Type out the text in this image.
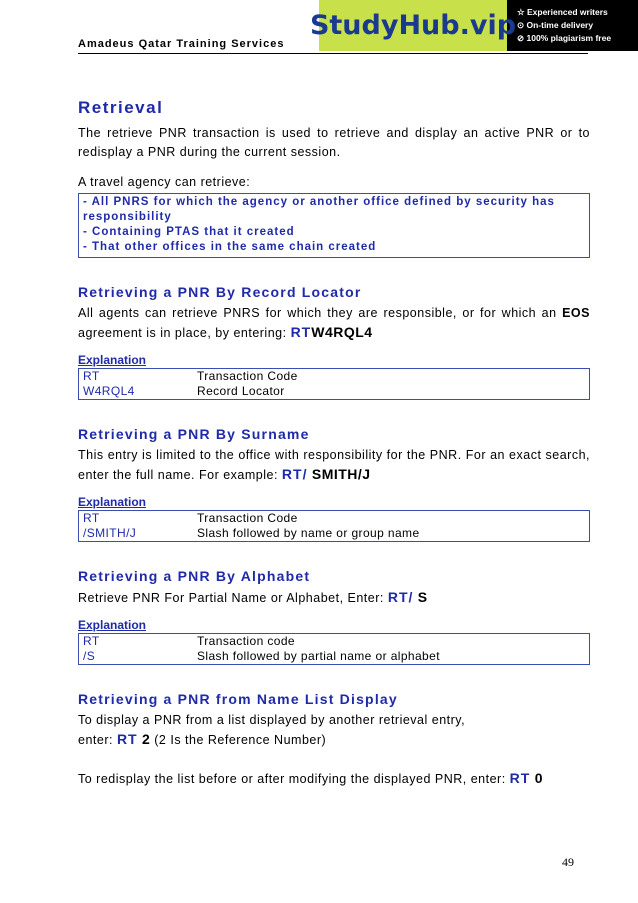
Amadeus Qatar Training Services
StudyHub.vip ☆ Experienced writers
⊙ On-time delivery
⊘ 100% plagiarism free
Retrieval

The retrieve PNR transaction is used to retrieve and display an active PNR or to redisplay a PNR during the current session.

A travel agency can retrieve:

- All PNRS for which the agency or another office defined by security has responsibility
- Containing PTAS that it created
- That other offices in the same chain created
Retrieving a PNR By Record Locator

All agents can retrieve PNRS for which they are responsible, or for which an EOS agreement is in place, by entering: RTW4RQL4

Explanation
RT	Transaction Code
W4RQL4	Record Locator
Retrieving a PNR By Surname

This entry is limited to the office with responsibility for the PNR. For an exact search, enter the full name. For example: RT/ SMITH/J

Explanation
RT	Transaction Code
/SMITH/J	Slash followed by name or group name
Retrieving a PNR By Alphabet

Retrieve PNR For Partial Name or Alphabet, Enter: RT/ S

Explanation
RT	Transaction code
/S	Slash followed by partial name or alphabet
Retrieving a PNR from Name List Display

To display a PNR from a list displayed by another retrieval entry,

enter: RT 2 (2 Is the Reference Number)

To redisplay the list before or after modifying the displayed PNR, enter: RT 0

49
